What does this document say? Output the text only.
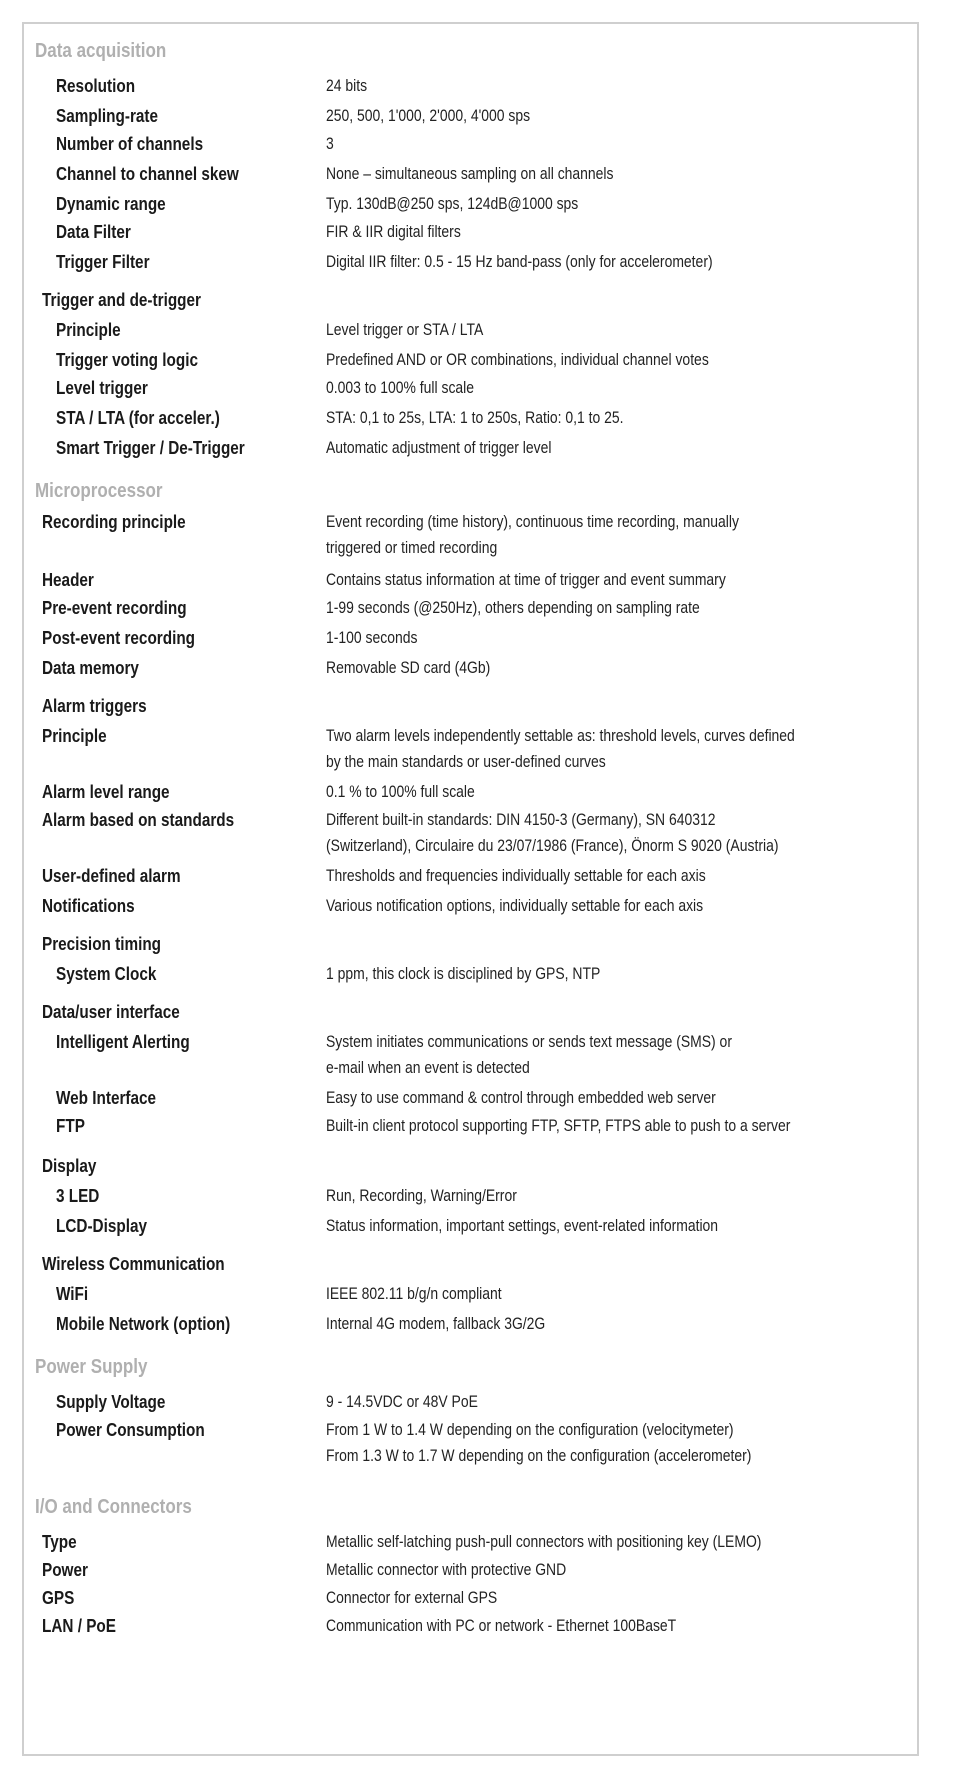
Data acquisition
Resolution	24 bits
Sampling-rate	250, 500, 1'000, 2'000, 4'000 sps
Number of channels	3
Channel to channel skew	None – simultaneous sampling on all channels
Dynamic range	Typ. 130dB@250 sps, 124dB@1000 sps
Data Filter	FIR & IIR digital filters
Trigger Filter	Digital IIR filter: 0.5 - 15 Hz band-pass (only for accelerometer)
Trigger and de-trigger
Principle	Level trigger or STA / LTA
Trigger voting logic	Predefined AND or OR combinations, individual channel votes
Level trigger	0.003 to 100% full scale
STA / LTA (for acceler.)	STA: 0,1 to 25s, LTA: 1 to 250s, Ratio: 0,1 to 25.
Smart Trigger / De-Trigger	Automatic adjustment of trigger level
Microprocessor
Recording principle	Event recording (time history), continuous time recording, manually
triggered or timed recording
Header	Contains status information at time of trigger and event summary
Pre-event recording	1-99 seconds (@250Hz), others depending on sampling rate
Post-event recording	1-100 seconds
Data memory	Removable SD card (4Gb)
Alarm triggers
Principle	Two alarm levels independently settable as: threshold levels, curves defined
by the main standards or user-defined curves
Alarm level range	0.1 % to 100% full scale
Alarm based on standards	Different built-in standards: DIN 4150-3 (Germany), SN 640312
(Switzerland), Circulaire du 23/07/1986 (France), Önorm S 9020 (Austria)
User-defined alarm	Thresholds and frequencies individually settable for each axis
Notifications	Various notification options, individually settable for each axis
Precision timing
System Clock	1 ppm, this clock is disciplined by GPS, NTP
Data/user interface
Intelligent Alerting	System initiates communications or sends text message (SMS) or
e-mail when an event is detected
Web Interface	Easy to use command & control through embedded web server
FTP	Built-in client protocol supporting FTP, SFTP, FTPS able to push to a server
Display
3 LED	Run, Recording, Warning/Error
LCD-Display	Status information, important settings, event-related information
Wireless Communication
WiFi	IEEE 802.11 b/g/n compliant
Mobile Network (option)	Internal 4G modem, fallback 3G/2G
Power Supply
Supply Voltage	9 - 14.5VDC or 48V PoE
Power Consumption	From 1 W to 1.4 W depending on the configuration (velocitymeter)
From 1.3 W to 1.7 W depending on the configuration (accelerometer)
I/O and Connectors
Type	Metallic self-latching push-pull connectors with positioning key (LEMO)
Power	Metallic connector with protective GND
GPS	Connector for external GPS
LAN / PoE	Communication with PC or network - Ethernet 100BaseT
